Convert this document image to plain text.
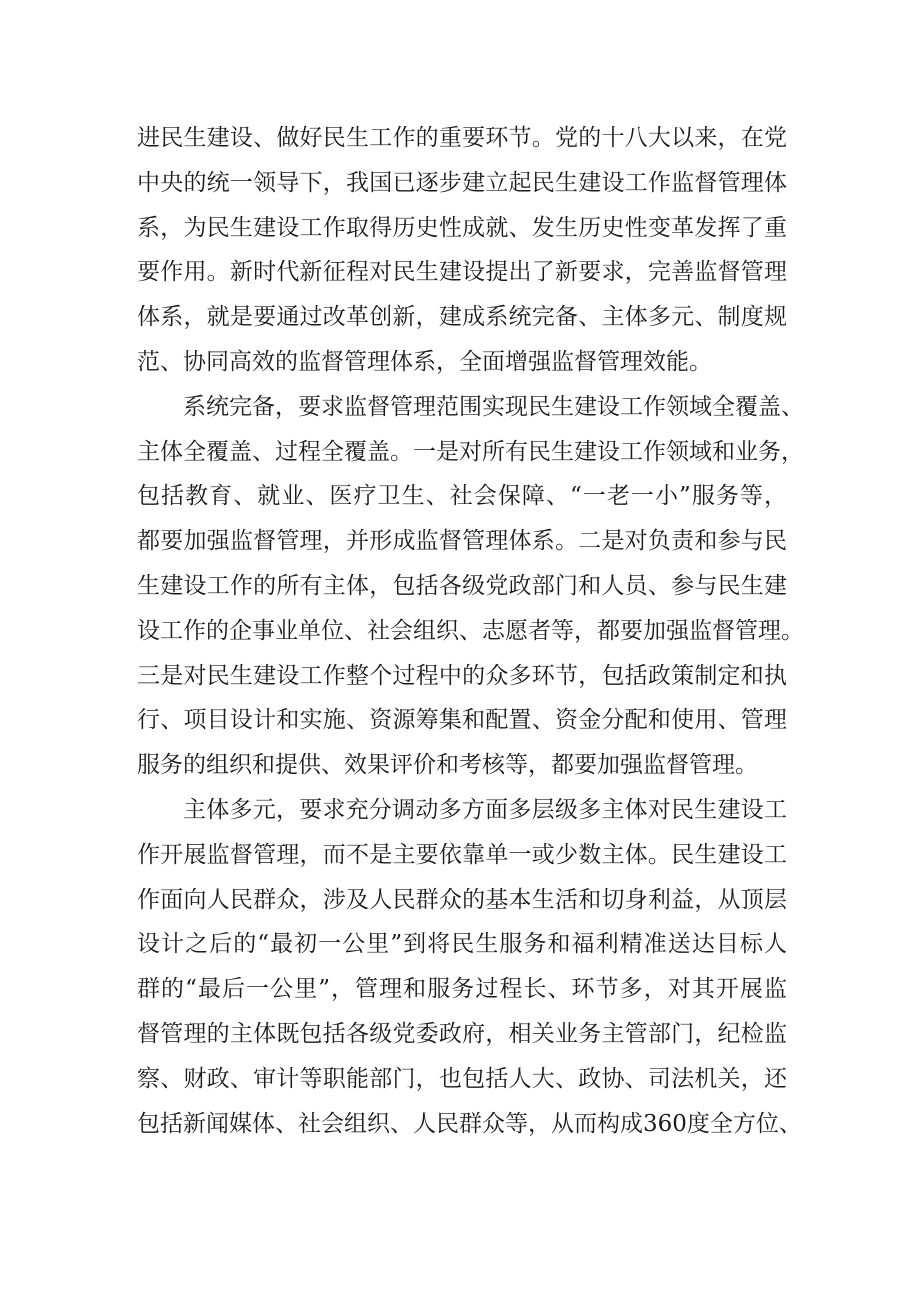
进民生建设、做好民生工作的重要环节。党的十八大以来，在党
中央的统一领导下，我国已逐步建立起民生建设工作监督管理体
系，为民生建设工作取得历史性成就、发生历史性变革发挥了重
要作用。新时代新征程对民生建设提出了新要求，完善监督管理
体系，就是要通过改革创新，建成系统完备、主体多元、制度规
范、协同高效的监督管理体系，全面增强监督管理效能。
系统完备，要求监督管理范围实现民生建设工作领域全覆盖、
主体全覆盖、过程全覆盖。一是对所有民生建设工作领域和业务，
包括教育、就业、医疗卫生、社会保障、“一老一小”服务等，
都要加强监督管理，并形成监督管理体系。二是对负责和参与民
生建设工作的所有主体，包括各级党政部门和人员、参与民生建
设工作的企事业单位、社会组织、志愿者等，都要加强监督管理。
三是对民生建设工作整个过程中的众多环节，包括政策制定和执
行、项目设计和实施、资源筹集和配置、资金分配和使用、管理
服务的组织和提供、效果评价和考核等，都要加强监督管理。
主体多元，要求充分调动多方面多层级多主体对民生建设工
作开展监督管理，而不是主要依靠单一或少数主体。民生建设工
作面向人民群众，涉及人民群众的基本生活和切身利益，从顶层
设计之后的“最初一公里”到将民生服务和福利精准送达目标人
群的“最后一公里”，管理和服务过程长、环节多，对其开展监
督管理的主体既包括各级党委政府，相关业务主管部门，纪检监
察、财政、审计等职能部门，也包括人大、政协、司法机关，还
包括新闻媒体、社会组织、人民群众等，从而构成360度全方位、
